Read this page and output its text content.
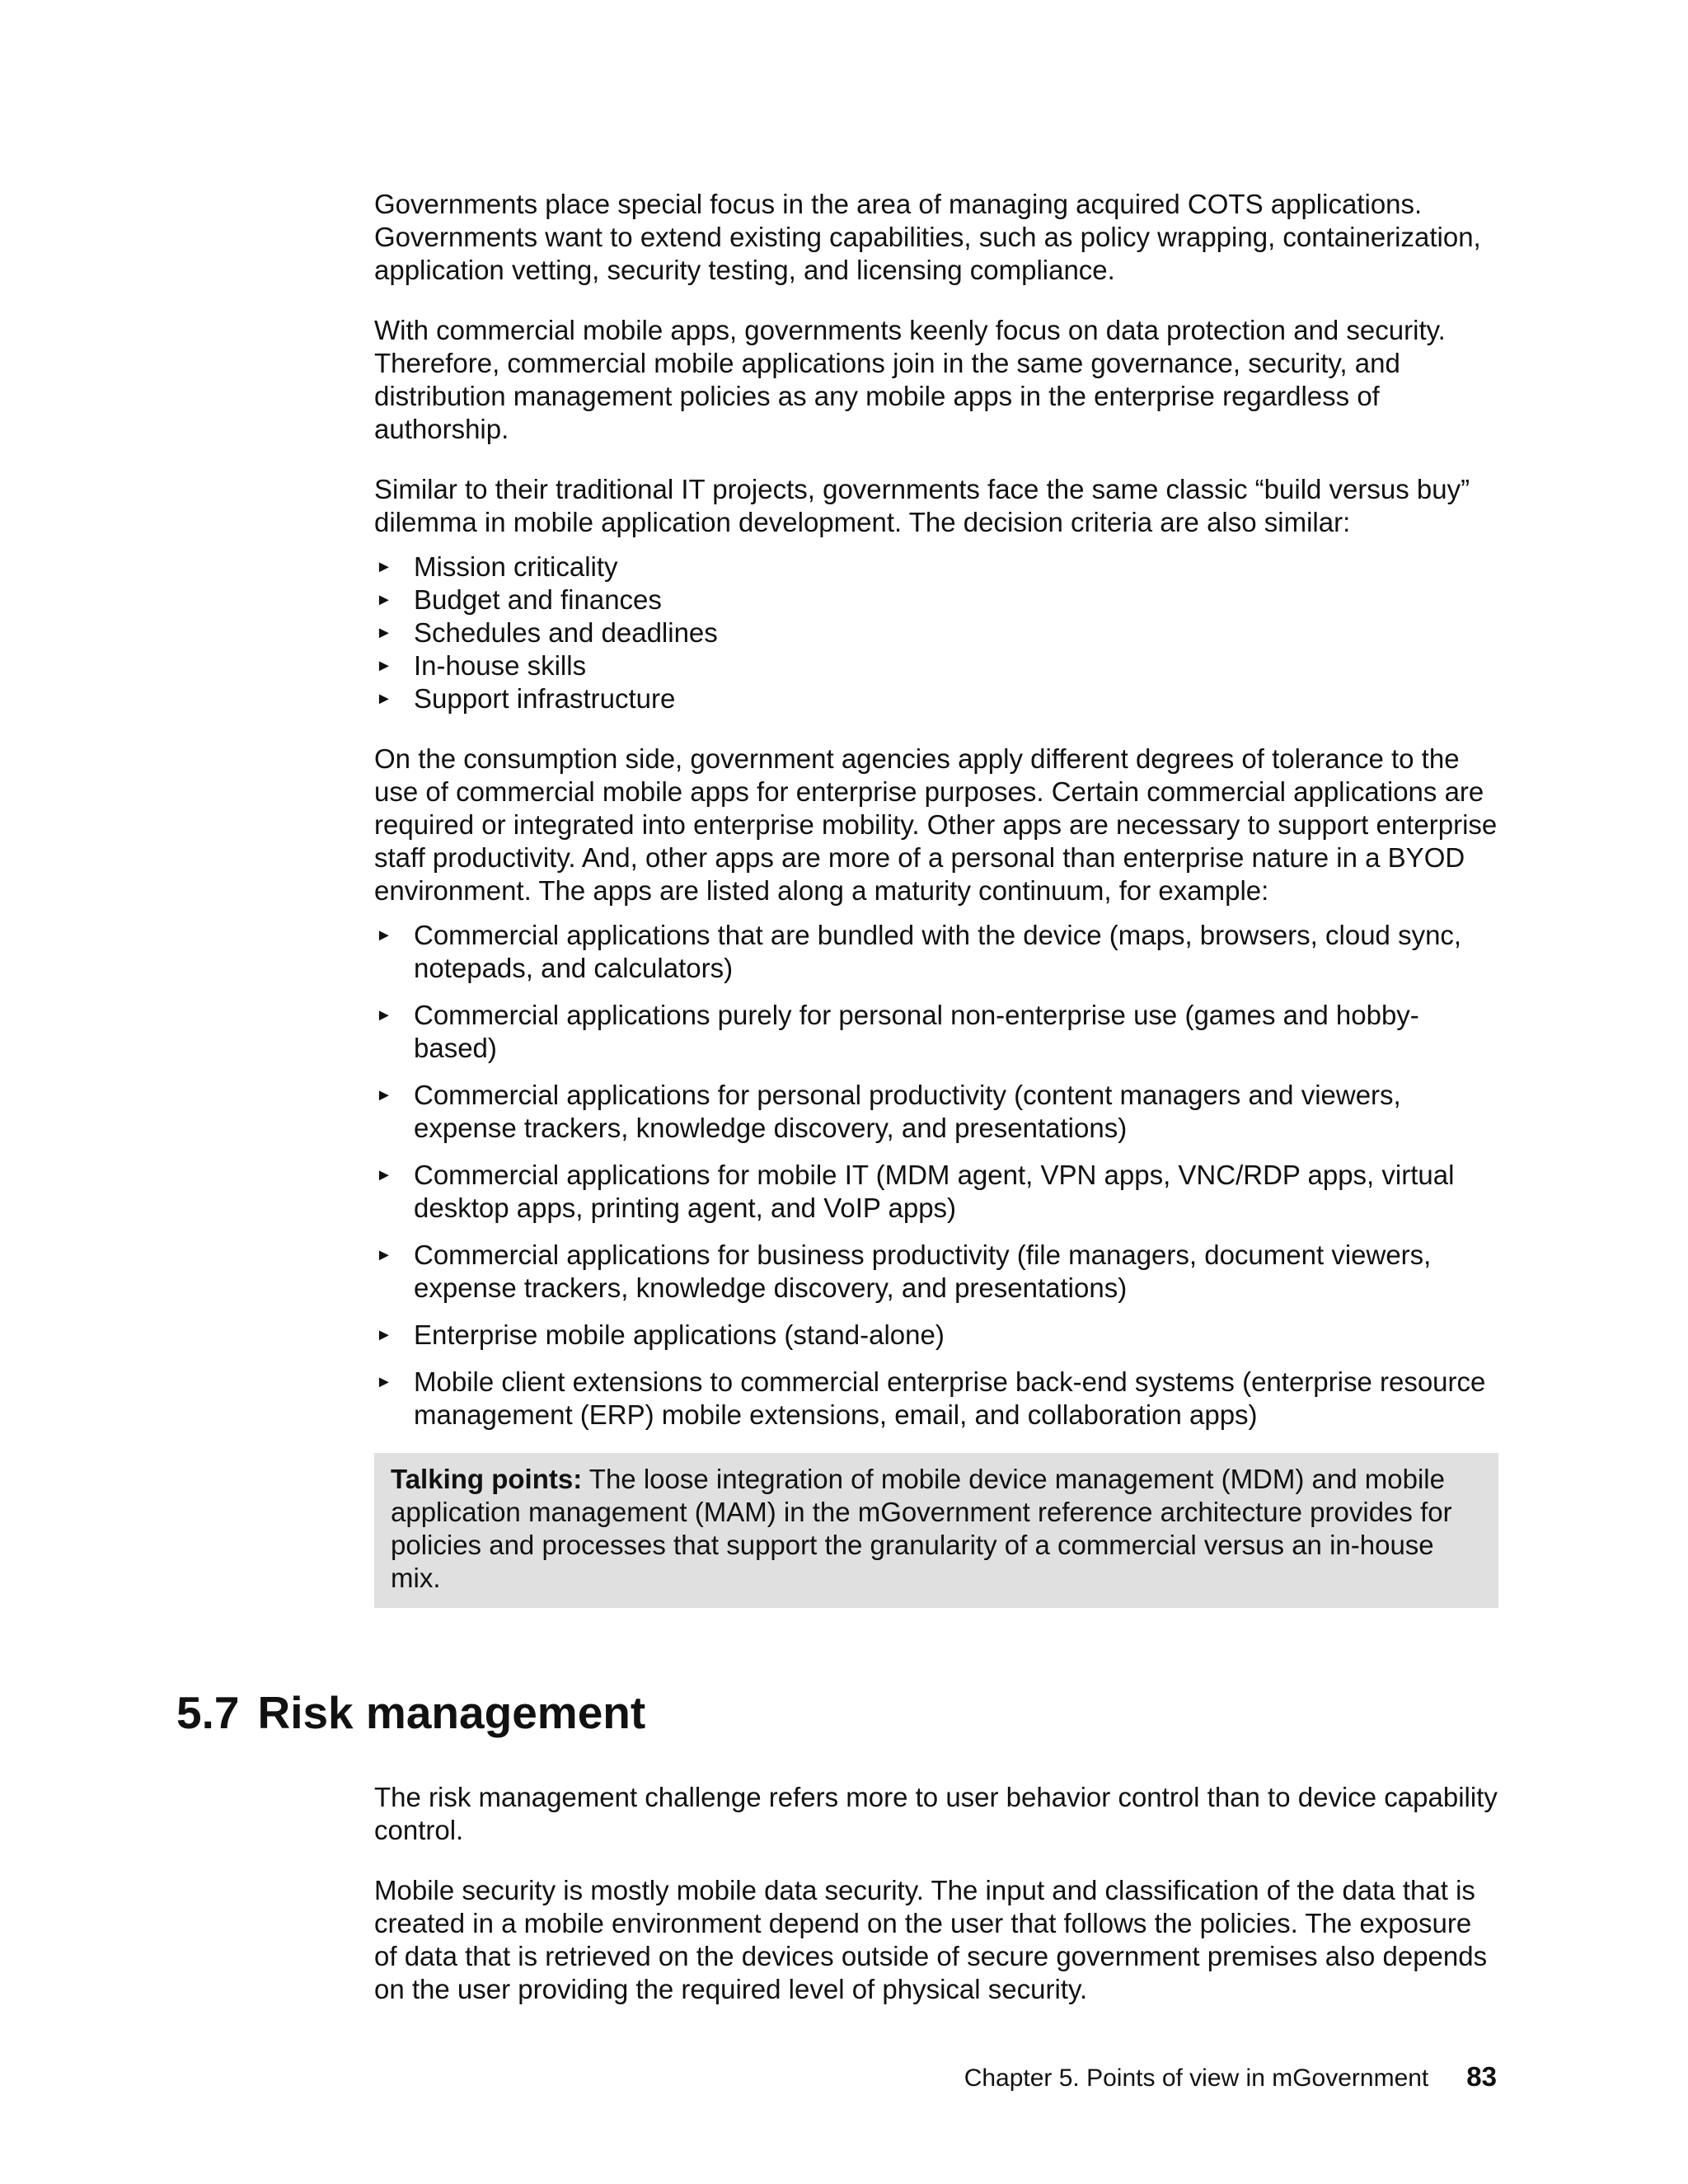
Governments place special focus in the area of managing acquired COTS applications. Governments want to extend existing capabilities, such as policy wrapping, containerization, application vetting, security testing, and licensing compliance.

With commercial mobile apps, governments keenly focus on data protection and security. Therefore, commercial mobile applications join in the same governance, security, and distribution management policies as any mobile apps in the enterprise regardless of authorship.

Similar to their traditional IT projects, governments face the same classic “build versus buy” dilemma in mobile application development. The decision criteria are also similar:

► Mission criticality
► Budget and finances
► Schedules and deadlines
► In-house skills
► Support infrastructure

On the consumption side, government agencies apply different degrees of tolerance to the use of commercial mobile apps for enterprise purposes. Certain commercial applications are required or integrated into enterprise mobility. Other apps are necessary to support enterprise staff productivity. And, other apps are more of a personal than enterprise nature in a BYOD environment. The apps are listed along a maturity continuum, for example:

► Commercial applications that are bundled with the device (maps, browsers, cloud sync, notepads, and calculators)
► Commercial applications purely for personal non-enterprise use (games and hobby-based)
► Commercial applications for personal productivity (content managers and viewers, expense trackers, knowledge discovery, and presentations)
► Commercial applications for mobile IT (MDM agent, VPN apps, VNC/RDP apps, virtual desktop apps, printing agent, and VoIP apps)
► Commercial applications for business productivity (file managers, document viewers, expense trackers, knowledge discovery, and presentations)
► Enterprise mobile applications (stand-alone)
► Mobile client extensions to commercial enterprise back-end systems (enterprise resource management (ERP) mobile extensions, email, and collaboration apps)
Talking points: The loose integration of mobile device management (MDM) and mobile application management (MAM) in the mGovernment reference architecture provides for policies and processes that support the granularity of a commercial versus an in-house mix.
5.7 Risk management

The risk management challenge refers more to user behavior control than to device capability control.

Mobile security is mostly mobile data security. The input and classification of the data that is created in a mobile environment depend on the user that follows the policies. The exposure of data that is retrieved on the devices outside of secure government premises also depends on the user providing the required level of physical security.

Chapter 5. Points of view in mGovernment 83
